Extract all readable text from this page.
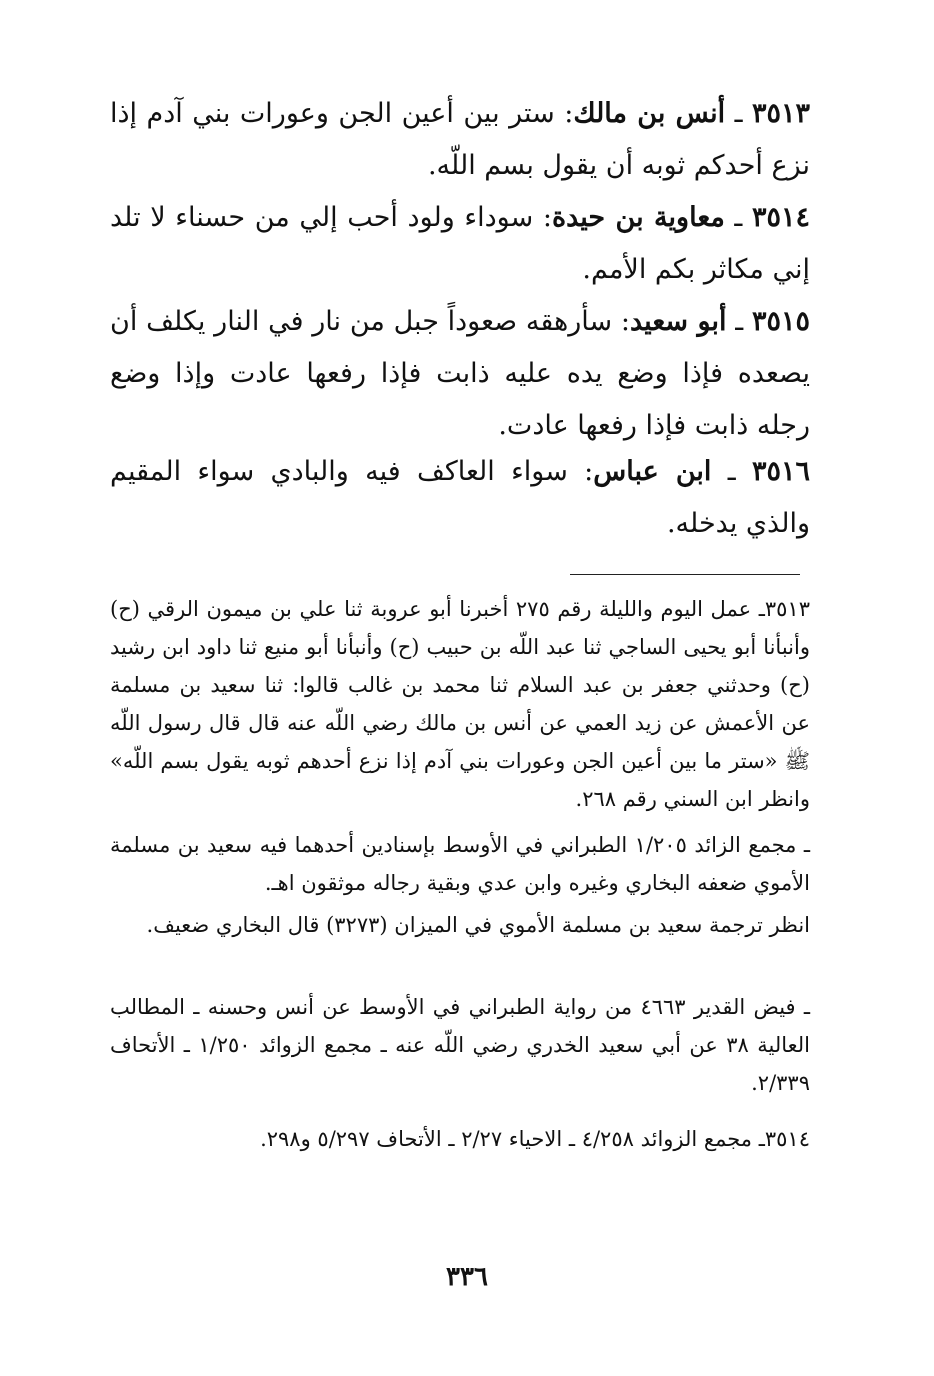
٣٥١٣ ـ أنس بن مالك: ستر بين أعين الجن وعورات بني آدم إذا نزع أحدكم ثوبه أن يقول بسم اللّه.

٣٥١٤ ـ معاوية بن حيدة: سوداء ولود أحب إلي من حسناء لا تلد إني مكاثر بكم الأمم.

٣٥١٥ ـ أبو سعيد: سأرهقه صعوداً جبل من نار في النار يكلف أن يصعده فإذا وضع يده عليه ذابت فإذا رفعها عادت وإذا وضع رجله ذابت فإذا رفعها عادت.

٣٥١٦ ـ ابن عباس: سواء العاكف فيه والبادي سواء المقيم والذي يدخله.

٣٥١٣ـ عمل اليوم والليلة رقم ٢٧٥ أخبرنا أبو عروبة ثنا علي بن ميمون الرقي (ح) وأنبأنا أبو يحيى الساجي ثنا عبد اللّه بن حبيب (ح) وأنبأنا أبو منيع ثنا داود ابن رشيد (ح) وحدثني جعفر بن عبد السلام ثنا محمد بن غالب قالوا: ثنا سعيد بن مسلمة عن الأعمش عن زيد العمي عن أنس بن مالك رضي اللّه عنه قال قال رسول اللّه ﷺ «ستر ما بين أعين الجن وعورات بني آدم إذا نزع أحدهم ثوبه يقول بسم اللّه» وانظر ابن السني رقم ٢٦٨.

ـ مجمع الزائد ١/٢٠٥ الطبراني في الأوسط بإسنادين أحدهما فيه سعيد بن مسلمة الأموي ضعفه البخاري وغيره وابن عدي وبقية رجاله موثقون اهـ.

انظر ترجمة سعيد بن مسلمة الأموي في الميزان (٣٢٧٣) قال البخاري ضعيف.

ـ فيض القدير ٤٦٦٣ من رواية الطبراني في الأوسط عن أنس وحسنه ـ المطالب العالية ٣٨ عن أبي سعيد الخدري رضي اللّه عنه ـ مجمع الزوائد ١/٢٥٠ ـ الأتحاف ٢/٣٣٩.

٣٥١٤ـ مجمع الزوائد ٤/٢٥٨ ـ الاحياء ٢/٢٧ ـ الأتحاف ٥/٢٩٧ و٢٩٨.

٣٣٦
